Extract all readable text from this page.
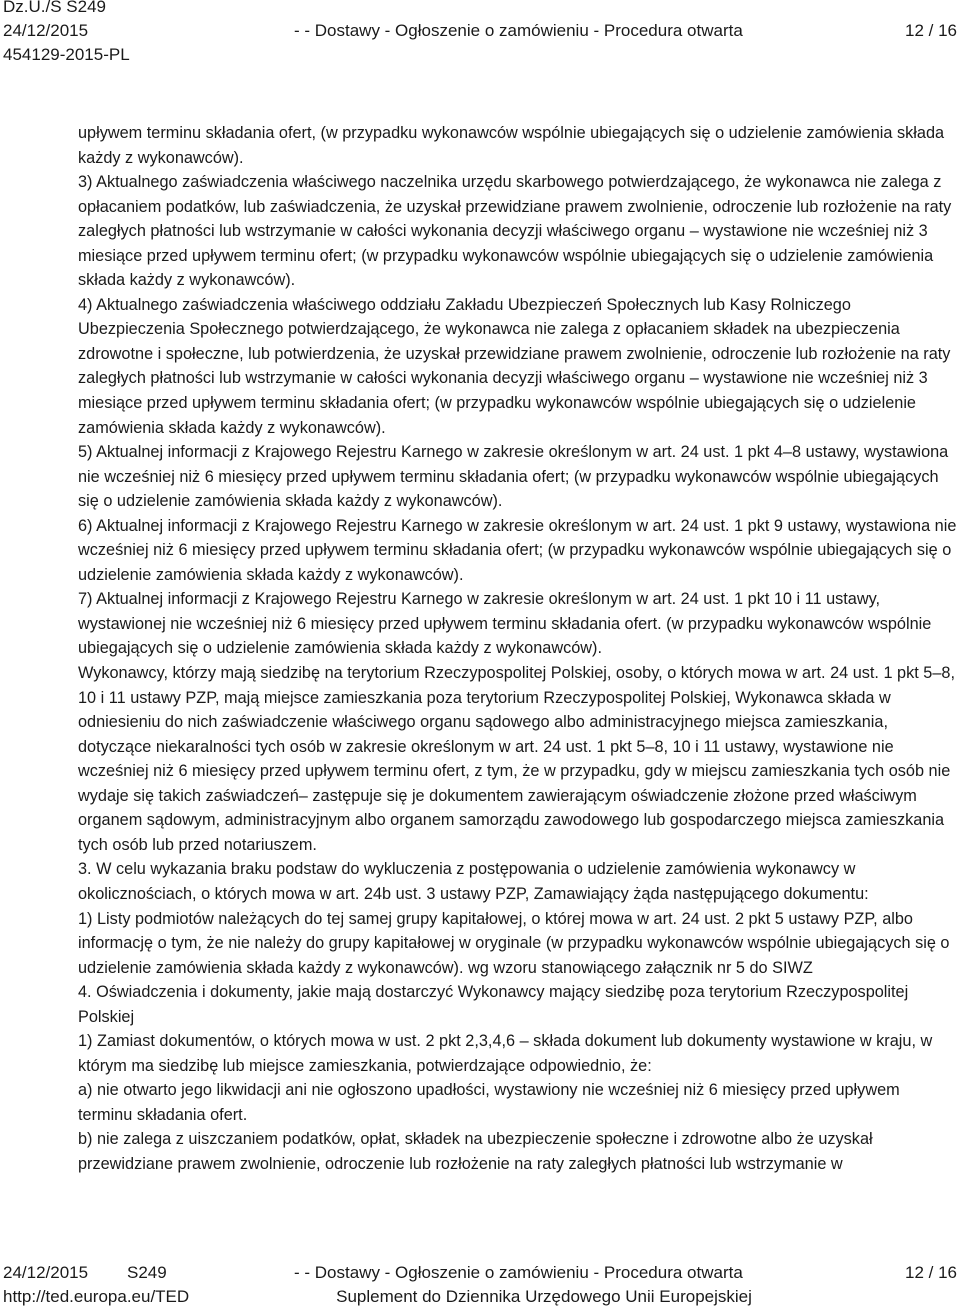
Dz.U./S S249
24/12/2015	- - Dostawy - Ogłoszenie o zamówieniu - Procedura otwarta	12 / 16
454129-2015-PL

upływem terminu składania ofert, (w przypadku wykonawców wspólnie ubiegających się o udzielenie zamówienia składa każdy z wykonawców).

3) Aktualnego zaświadczenia właściwego naczelnika urzędu skarbowego potwierdzającego, że wykonawca nie zalega z opłacaniem podatków, lub zaświadczenia, że uzyskał przewidziane prawem zwolnienie, odroczenie lub rozłożenie na raty zaległych płatności lub wstrzymanie w całości wykonania decyzji właściwego organu – wystawione nie wcześniej niż 3 miesiące przed upływem terminu ofert; (w przypadku wykonawców wspólnie ubiegających się o udzielenie zamówienia składa każdy z wykonawców).

4) Aktualnego zaświadczenia właściwego oddziału Zakładu Ubezpieczeń Społecznych lub Kasy Rolniczego Ubezpieczenia Społecznego potwierdzającego, że wykonawca nie zalega z opłacaniem składek na ubezpieczenia zdrowotne i społeczne, lub potwierdzenia, że uzyskał przewidziane prawem zwolnienie, odroczenie lub rozłożenie na raty zaległych płatności lub wstrzymanie w całości wykonania decyzji właściwego organu – wystawione nie wcześniej niż 3 miesiące przed upływem terminu składania ofert; (w przypadku wykonawców wspólnie ubiegających się o udzielenie zamówienia składa każdy z wykonawców).

5) Aktualnej informacji z Krajowego Rejestru Karnego w zakresie określonym w art. 24 ust. 1 pkt 4–8 ustawy, wystawiona nie wcześniej niż 6 miesięcy przed upływem terminu składania ofert; (w przypadku wykonawców wspólnie ubiegających się o udzielenie zamówienia składa każdy z wykonawców).

6) Aktualnej informacji z Krajowego Rejestru Karnego w zakresie określonym w art. 24 ust. 1 pkt 9 ustawy, wystawiona nie wcześniej niż 6 miesięcy przed upływem terminu składania ofert; (w przypadku wykonawców wspólnie ubiegających się o udzielenie zamówienia składa każdy z wykonawców).

7) Aktualnej informacji z Krajowego Rejestru Karnego w zakresie określonym w art. 24 ust. 1 pkt 10 i 11 ustawy, wystawionej nie wcześniej niż 6 miesięcy przed upływem terminu składania ofert. (w przypadku wykonawców wspólnie ubiegających się o udzielenie zamówienia składa każdy z wykonawców).

Wykonawcy, którzy mają siedzibę na terytorium Rzeczypospolitej Polskiej, osoby, o których mowa w art. 24 ust. 1 pkt 5–8, 10 i 11 ustawy PZP, mają miejsce zamieszkania poza terytorium Rzeczypospolitej Polskiej, Wykonawca składa w odniesieniu do nich zaświadczenie właściwego organu sądowego albo administracyjnego miejsca zamieszkania, dotyczące niekaralności tych osób w zakresie określonym w art. 24 ust. 1 pkt 5–8, 10 i 11 ustawy, wystawione nie wcześniej niż 6 miesięcy przed upływem terminu ofert, z tym, że w przypadku, gdy w miejscu zamieszkania tych osób nie wydaje się takich zaświadczeń– zastępuje się je dokumentem zawierającym oświadczenie złożone przed właściwym organem sądowym, administracyjnym albo organem samorządu zawodowego lub gospodarczego miejsca zamieszkania tych osób lub przed notariuszem.

3. W celu wykazania braku podstaw do wykluczenia z postępowania o udzielenie zamówienia wykonawcy w okolicznościach, o których mowa w art. 24b ust. 3 ustawy PZP, Zamawiający żąda następującego dokumentu:

1) Listy podmiotów należących do tej samej grupy kapitałowej, o której mowa w art. 24 ust. 2 pkt 5 ustawy PZP, albo informację o tym, że nie należy do grupy kapitałowej w oryginale (w przypadku wykonawców wspólnie ubiegających się o udzielenie zamówienia składa każdy z wykonawców). wg wzoru stanowiącego załącznik nr 5 do SIWZ

4. Oświadczenia i dokumenty, jakie mają dostarczyć Wykonawcy mający siedzibę poza terytorium Rzeczypospolitej Polskiej

1) Zamiast dokumentów, o których mowa w ust. 2 pkt 2,3,4,6 – składa dokument lub dokumenty wystawione w kraju, w którym ma siedzibę lub miejsce zamieszkania, potwierdzające odpowiednio, że:

a) nie otwarto jego likwidacji ani nie ogłoszono upadłości, wystawiony nie wcześniej niż 6 miesięcy przed upływem terminu składania ofert.

b) nie zalega z uiszczaniem podatków, opłat, składek na ubezpieczenie społeczne i zdrowotne albo że uzyskał przewidziane prawem zwolnienie, odroczenie lub rozłożenie na raty zaległych płatności lub wstrzymanie w

24/12/2015 S249	- - Dostawy - Ogłoszenie o zamówieniu - Procedura otwarta	12 / 16
http://ted.europa.eu/TED	Suplement do Dziennika Urzędowego Unii Europejskiej
